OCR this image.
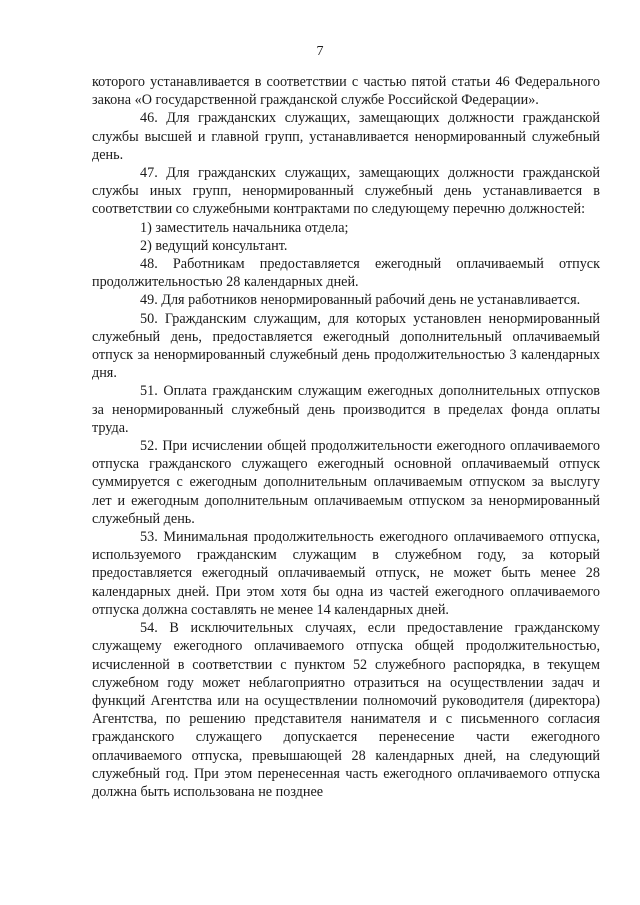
7

которого устанавливается в соответствии с частью пятой статьи 46 Федерального закона «О государственной гражданской службе Российской Федерации».

46. Для гражданских служащих, замещающих должности гражданской службы высшей и главной групп, устанавливается ненормированный служебный день.

47. Для гражданских служащих, замещающих должности гражданской службы иных групп, ненормированный служебный день устанавливается в соответствии со служебными контрактами по следующему перечню должностей:

1) заместитель начальника отдела;

2) ведущий консультант.

48. Работникам предоставляется ежегодный оплачиваемый отпуск продолжительностью 28 календарных дней.

49. Для работников ненормированный рабочий день не устанавливается.

50. Гражданским служащим, для которых установлен ненормированный служебный день, предоставляется ежегодный дополнительный оплачиваемый отпуск за ненормированный служебный день продолжительностью 3 календарных дня.

51. Оплата гражданским служащим ежегодных дополнительных отпусков за ненормированный служебный день производится в пределах фонда оплаты труда.

52. При исчислении общей продолжительности ежегодного оплачиваемого отпуска гражданского служащего ежегодный основной оплачиваемый отпуск суммируется с ежегодным дополнительным оплачиваемым отпуском за выслугу лет и ежегодным дополнительным оплачиваемым отпуском за ненормированный служебный день.

53. Минимальная продолжительность ежегодного оплачиваемого отпуска, используемого гражданским служащим в служебном году, за который предоставляется ежегодный оплачиваемый отпуск, не может быть менее 28 календарных дней. При этом хотя бы одна из частей ежегодного оплачиваемого отпуска должна составлять не менее 14 календарных дней.

54. В исключительных случаях, если предоставление гражданскому служащему ежегодного оплачиваемого отпуска общей продолжительностью, исчисленной в соответствии с пунктом 52 служебного распорядка, в текущем служебном году может неблагоприятно отразиться на осуществлении задач и функций Агентства или на осуществлении полномочий руководителя (директора) Агентства, по решению представителя нанимателя и с письменного согласия гражданского служащего допускается перенесение части ежегодного оплачиваемого отпуска, превышающей 28 календарных дней, на следующий служебный год. При этом перенесенная часть ежегодного оплачиваемого отпуска должна быть использована не позднее
